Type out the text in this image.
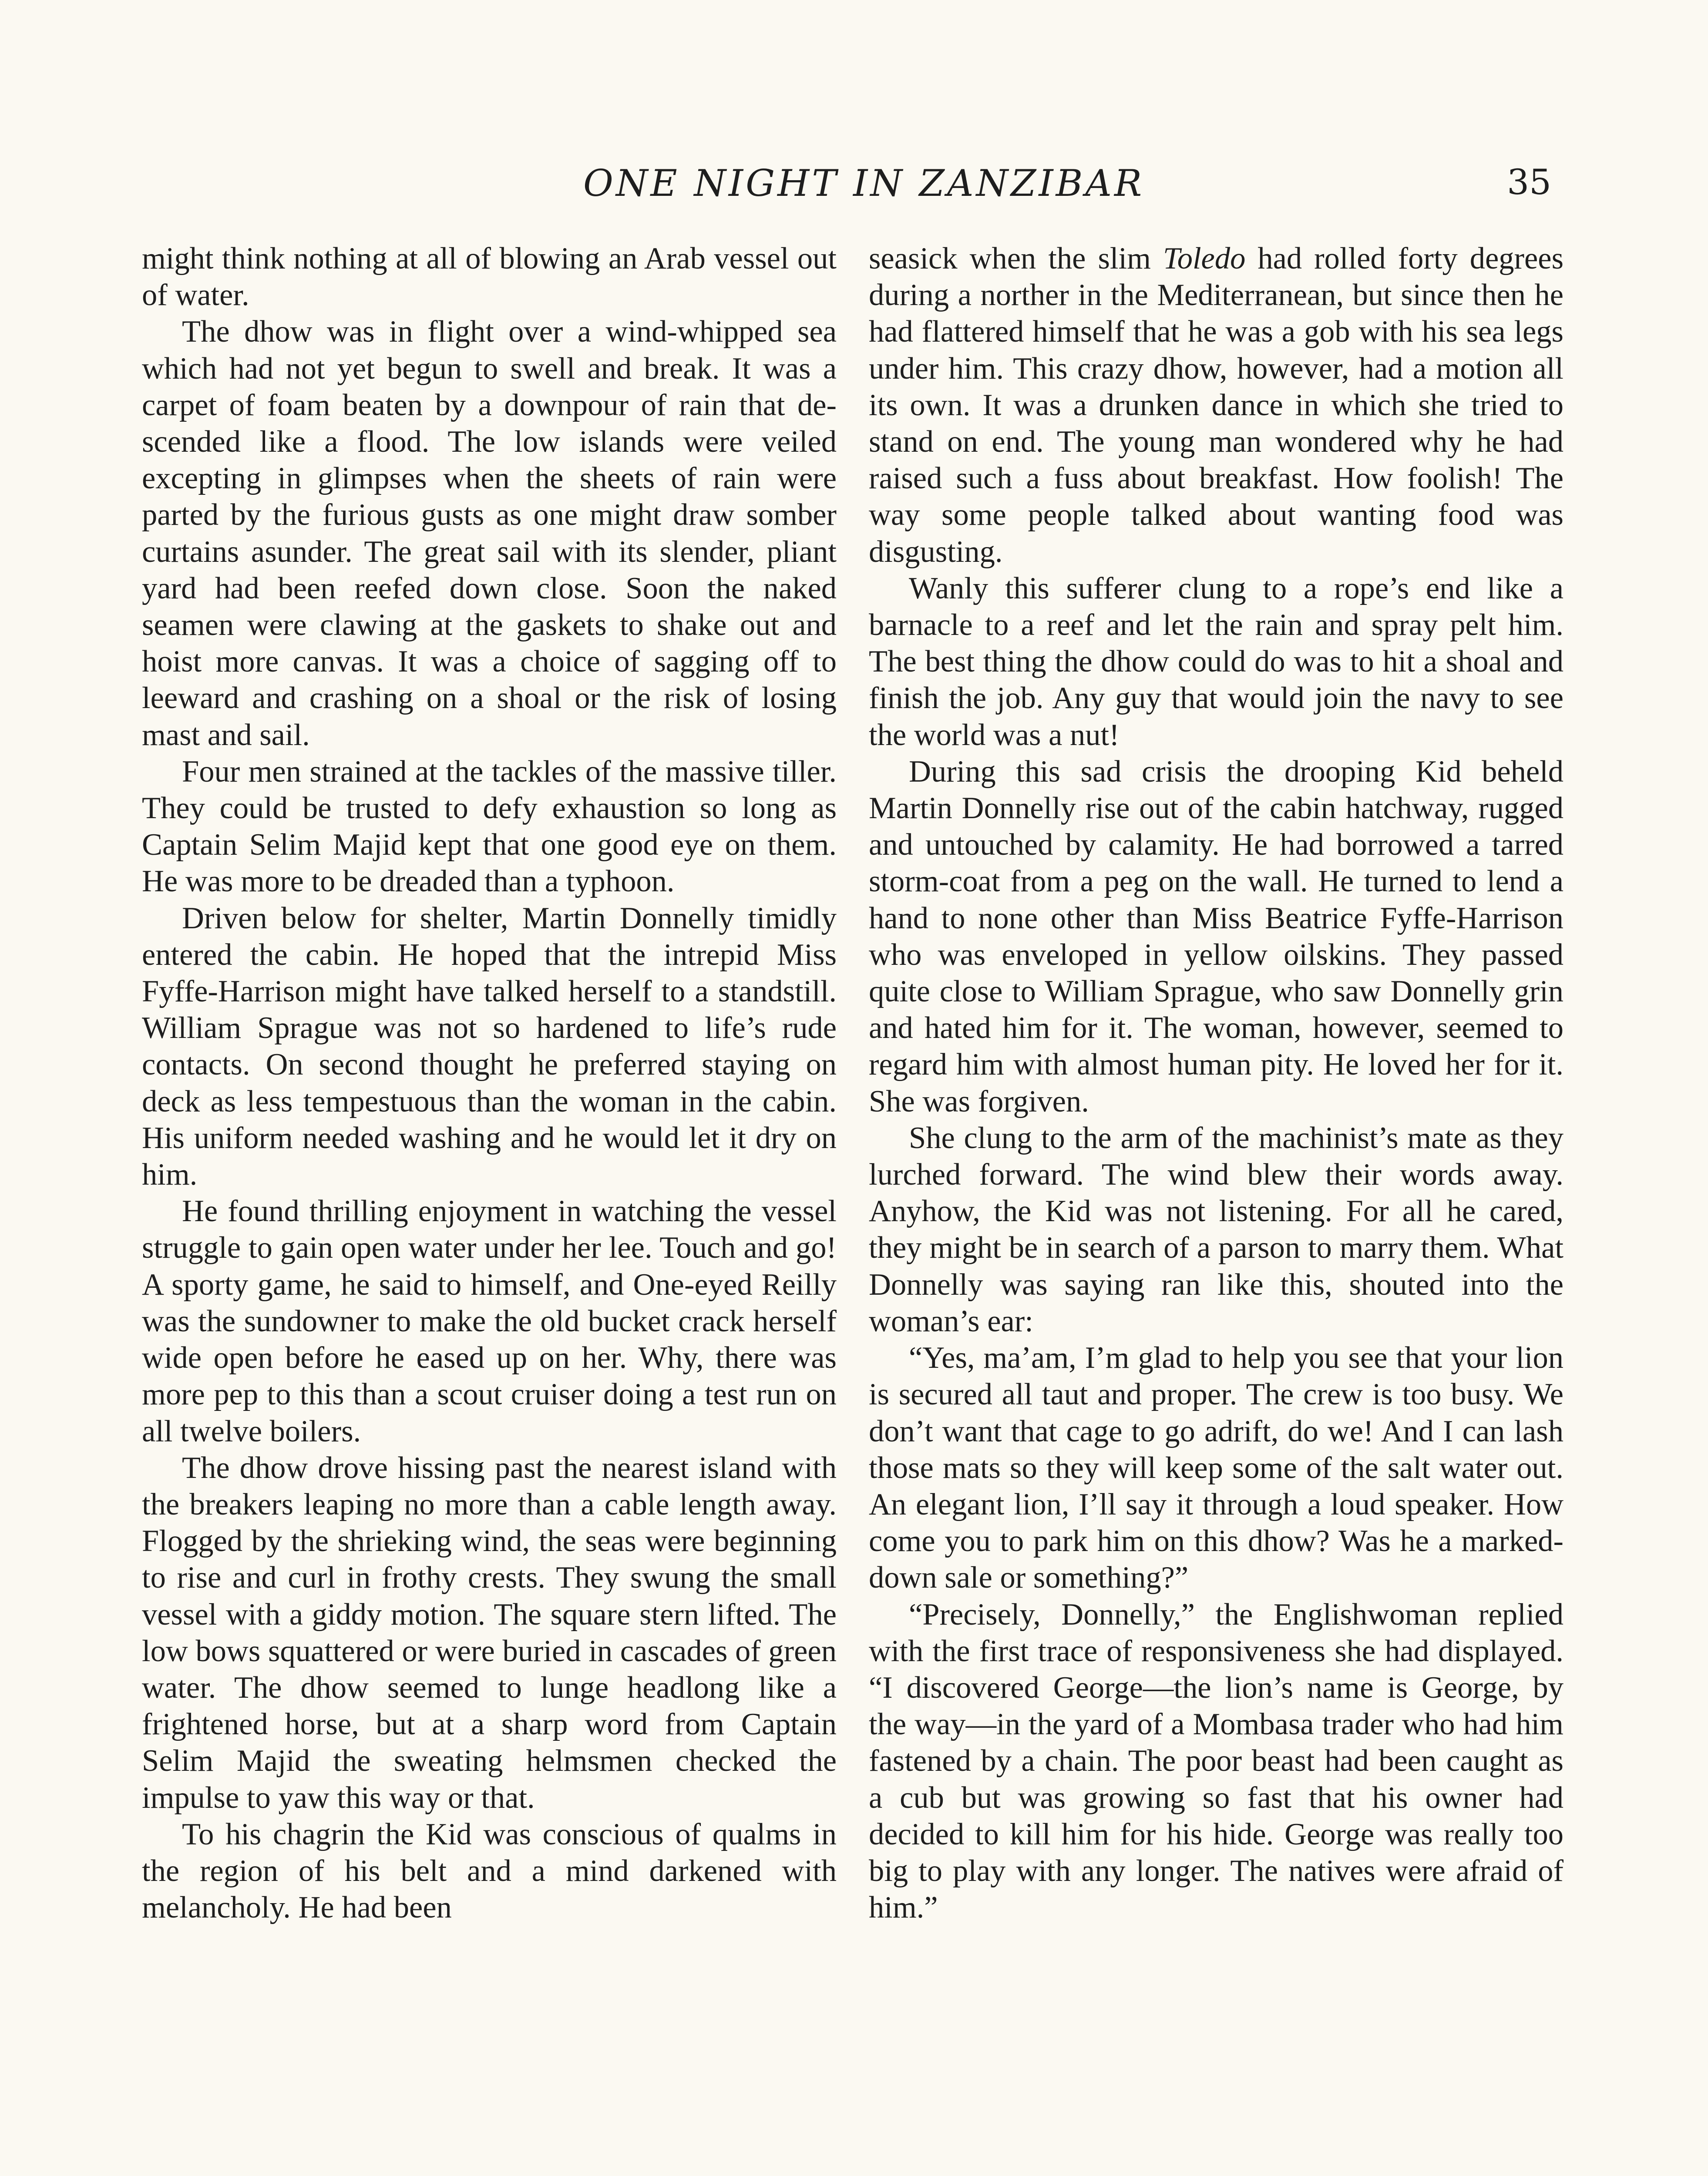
ONE NIGHT IN ZANZIBAR	35

might think nothing at all of blowing an Arab vessel out of water.

The dhow was in flight over a wind-whipped sea which had not yet begun to swell and break. It was a carpet of foam beaten by a downpour of rain that descended like a flood. The low islands were veiled excepting in glimpses when the sheets of rain were parted by the furious gusts as one might draw somber curtains asunder. The great sail with its slender, pliant yard had been reefed down close. Soon the naked seamen were clawing at the gaskets to shake out and hoist more canvas. It was a choice of sagging off to leeward and crashing on a shoal or the risk of losing mast and sail.

Four men strained at the tackles of the massive tiller. They could be trusted to defy exhaustion so long as Captain Selim Majid kept that one good eye on them. He was more to be dreaded than a typhoon.

Driven below for shelter, Martin Donnelly timidly entered the cabin. He hoped that the intrepid Miss Fyffe-Harrison might have talked herself to a standstill. William Sprague was not so hardened to life’s rude contacts. On second thought he preferred staying on deck as less tempestuous than the woman in the cabin. His uniform needed washing and he would let it dry on him.

He found thrilling enjoyment in watching the vessel struggle to gain open water under her lee. Touch and go! A sporty game, he said to himself, and One-eyed Reilly was the sundowner to make the old bucket crack herself wide open before he eased up on her. Why, there was more pep to this than a scout cruiser doing a test run on all twelve boilers.

The dhow drove hissing past the nearest island with the breakers leaping no more than a cable length away. Flogged by the shrieking wind, the seas were beginning to rise and curl in frothy crests. They swung the small vessel with a giddy motion. The square stern lifted. The low bows squattered or were buried in cascades of green water. The dhow seemed to lunge headlong like a frightened horse, but at a sharp word from Captain Selim Majid the sweating helmsmen checked the impulse to yaw this way or that.

To his chagrin the Kid was conscious of qualms in the region of his belt and a mind darkened with melancholy. He had been

seasick when the slim Toledo had rolled forty degrees during a norther in the Mediterranean, but since then he had flattered himself that he was a gob with his sea legs under him. This crazy dhow, however, had a motion all its own. It was a drunken dance in which she tried to stand on end. The young man wondered why he had raised such a fuss about breakfast. How foolish! The way some people talked about wanting food was disgusting.

Wanly this sufferer clung to a rope’s end like a barnacle to a reef and let the rain and spray pelt him. The best thing the dhow could do was to hit a shoal and finish the job. Any guy that would join the navy to see the world was a nut!

During this sad crisis the drooping Kid beheld Martin Donnelly rise out of the cabin hatchway, rugged and untouched by calamity. He had borrowed a tarred storm-coat from a peg on the wall. He turned to lend a hand to none other than Miss Beatrice Fyffe-Harrison who was enveloped in yellow oilskins. They passed quite close to William Sprague, who saw Donnelly grin and hated him for it. The woman, however, seemed to regard him with almost human pity. He loved her for it. She was forgiven.

She clung to the arm of the machinist’s mate as they lurched forward. The wind blew their words away. Anyhow, the Kid was not listening. For all he cared, they might be in search of a parson to marry them. What Donnelly was saying ran like this, shouted into the woman’s ear:

“Yes, ma’am, I’m glad to help you see that your lion is secured all taut and proper. The crew is too busy. We don’t want that cage to go adrift, do we! And I can lash those mats so they will keep some of the salt water out. An elegant lion, I’ll say it through a loud speaker. How come you to park him on this dhow? Was he a marked-down sale or something?”

“Precisely, Donnelly,” the Englishwoman replied with the first trace of responsiveness she had displayed. “I discovered George—the lion’s name is George, by the way—in the yard of a Mombasa trader who had him fastened by a chain. The poor beast had been caught as a cub but was growing so fast that his owner had decided to kill him for his hide. George was really too big to play with any longer. The natives were afraid of him.”
